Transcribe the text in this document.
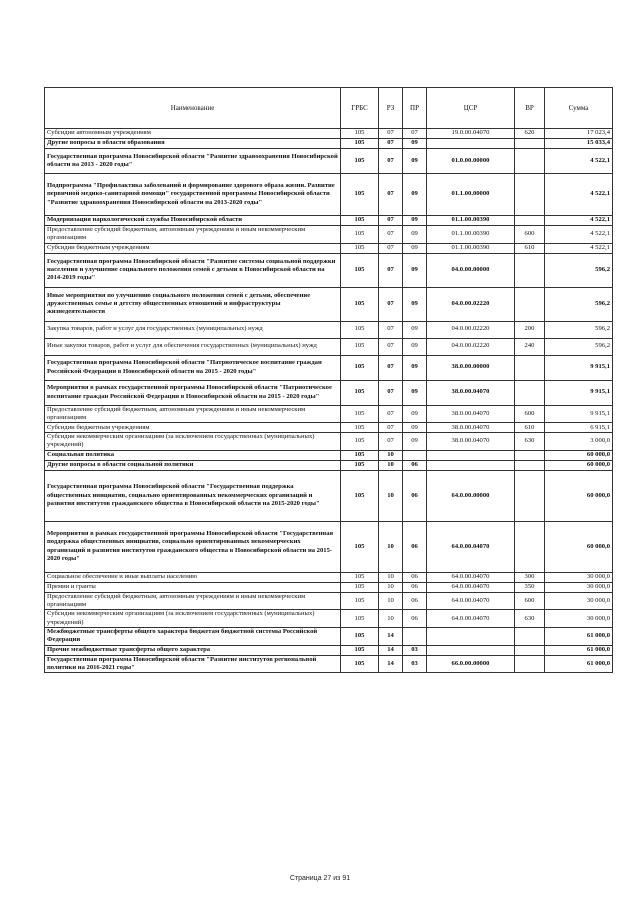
Наименование	ГРБС	РЗ	ПР	ЦСР	ВР	Сумма
Субсидии автономным учреждениям	105	07	07	19.0.00.04070	620	17 023,4
Другие вопросы в области образования	105	07	09			15 033,4
Государственная программа Новосибирской области "Развитие здравоохранения Новосибирской области на 2013 - 2020 годы"	105	07	09	01.0.00.00000		4 522,1
Подпрограмма "Профилактика заболеваний и формирование здорового образа жизни. Развитие первичной медико-санитарной помощи" государственной программы Новосибирской области "Развитие здравоохранения Новосибирской области на 2013-2020 годы"	105	07	09	01.1.00.00000		4 522,1
Модернизация наркологической службы Новосибирской области	105	07	09	01.1.00.00390		4 522,1
Предоставление субсидий бюджетным, автономным учреждениям и иным некоммерческим организациям	105	07	09	01.1.00.00390	600	4 522,1
Субсидии бюджетным учреждениям	105	07	09	01.1.00.00390	610	4 522,1
Государственная программа Новосибирской области "Развитие системы социальной поддержки населения и улучшение социального положения семей с детьми в Новосибирской области на 2014-2019 годы"	105	07	09	04.0.00.00000		596,2
Иные мероприятия по улучшению социального положения семей с детьми, обеспечение дружественных семье и детству общественных отношений и инфраструктуры жизнедеятельности	105	07	09	04.0.00.02220		596,2
Закупка товаров, работ и услуг для государственных (муниципальных) нужд	105	07	09	04.0.00.02220	200	596,2
Иные закупки товаров, работ и услуг для обеспечения государственных (муниципальных) нужд	105	07	09	04.0.00.02220	240	596,2
Государственная программа Новосибирской области "Патриотическое воспитание граждан Российской Федерации в Новосибирской области на 2015 - 2020 годы"	105	07	09	38.0.00.00000		9 915,1
Мероприятия в рамках государственной программы Новосибирской области "Патриотическое воспитание граждан Российской Федерации в Новосибирской области на 2015 - 2020 годы"	105	07	09	38.0.00.04070		9 915,1
Предоставление субсидий бюджетным, автономным учреждениям и иным некоммерческим организациям	105	07	09	38.0.00.04070	600	9 915,1
Субсидии бюджетным учреждениям	105	07	09	38.0.00.04070	610	6 915,1
Субсидии некоммерческим организациям (за исключением государственных (муниципальных) учреждений)	105	07	09	38.0.00.04070	630	3 000,0
Социальная политика	105	10				60 000,0
Другие вопросы в области социальной политики	105	10	06			60 000,0
Государственная программа Новосибирской области "Государственная поддержка общественных инициатив, социально ориентированных некоммерческих организаций и развития институтов гражданского общества в Новосибирской области на 2015-2020 годы"	105	10	06	64.0.00.00000		60 000,0
Мероприятия в рамках государственной программы Новосибирской области "Государственная поддержка общественных инициатив, социально ориентированных некоммерческих организаций и развития институтов гражданского общества в Новосибирской области на 2015-2020 годы"	105	10	06	64.0.00.04070		60 000,0
Социальное обеспечение и иные выплаты населению	105	10	06	64.0.00.04070	300	30 000,0
Премии и гранты	105	10	06	64.0.00.04070	350	30 000,0
Предоставление субсидий бюджетным, автономным учреждениям и иным некоммерческим организациям	105	10	06	64.0.00.04070	600	30 000,0
Субсидии некоммерческим организациям (за исключением государственных (муниципальных) учреждений)	105	10	06	64.0.00.04070	630	30 000,0
Межбюджетные трансферты общего характера бюджетам бюджетной системы Российской Федерации	105	14				61 000,0
Прочие межбюджетные трансферты общего характера	105	14	03			61 000,0
Государственная программа Новосибирской области "Развитие институтов региональной политики на 2016-2021 годы"	105	14	03	66.0.00.00000		61 000,0
Страница 27 из 91
